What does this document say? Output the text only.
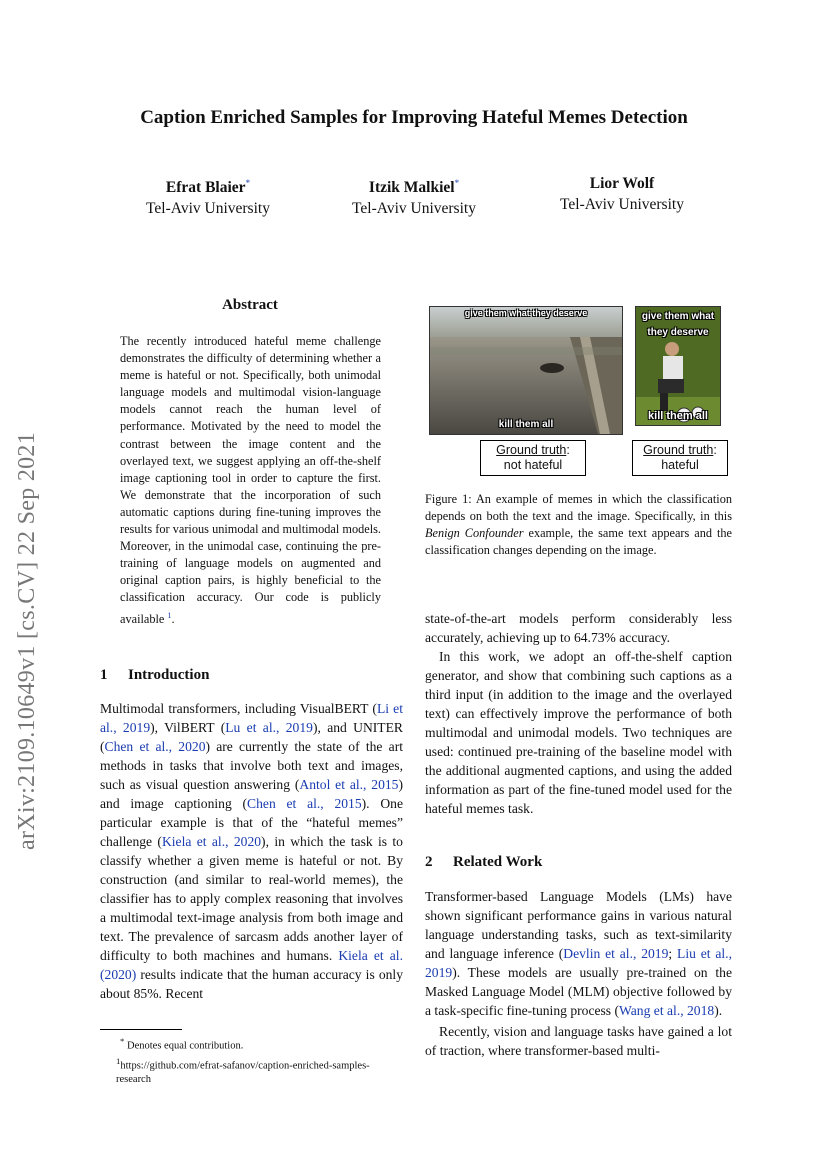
Caption Enriched Samples for Improving Hateful Memes Detection
Efrat Blaier*
Tel-Aviv University
Itzik Malkiel*
Tel-Aviv University
Lior Wolf
Tel-Aviv University
arXiv:2109.10649v1 [cs.CV] 22 Sep 2021
Abstract
The recently introduced hateful meme challenge demonstrates the difficulty of determining whether a meme is hateful or not. Specifically, both unimodal language models and multimodal vision-language models cannot reach the human level of performance. Motivated by the need to model the contrast between the image content and the overlayed text, we suggest applying an off-the-shelf image captioning tool in order to capture the first. We demonstrate that the incorporation of such automatic captions during fine-tuning improves the results for various unimodal and multimodal models. Moreover, in the unimodal case, continuing the pre-training of language models on augmented and original caption pairs, is highly beneficial to the classification accuracy. Our code is publicly available $^1$.
1 Introduction
Multimodal transformers, including VisualBERT (Li et al., 2019), VilBERT (Lu et al., 2019), and UNITER (Chen et al., 2020) are currently the state of the art methods in tasks that involve both text and images, such as visual question answering (Antol et al., 2015) and image captioning (Chen et al., 2015). One particular example is that of the “hateful memes” challenge (Kiela et al., 2020), in which the task is to classify whether a given meme is hateful or not. By construction (and similar to real-world memes), the classifier has to apply complex reasoning that involves a multimodal text-image analysis from both image and text. The prevalence of sarcasm adds another layer of difficulty to both machines and humans. Kiela et al. (2020) results indicate that the human accuracy is only about 85%. Recent
* Denotes equal contribution.
$^1$https://github.com/efrat-safanov/caption-enriched-samples-research
give them what they deserve
kill them all
give them what they deserve
kill them all
Ground truth:
not hateful
Ground truth:
hateful
Figure 1: An example of memes in which the classification depends on both the text and the image. Specifically, in this Benign Confounder example, the same text appears and the classification changes depending on the image.

state-of-the-art models perform considerably less accurately, achieving up to 64.73% accuracy.

In this work, we adopt an off-the-shelf caption generator, and show that combining such captions as a third input (in addition to the image and the overlayed text) can effectively improve the performance of both multimodal and unimodal models. Two techniques are used: continued pre-training of the baseline model with the additional augmented captions, and using the added information as part of the fine-tuned model used for the hateful memes task.

2 Related Work

Transformer-based Language Models (LMs) have shown significant performance gains in various natural language understanding tasks, such as text-similarity and language inference (Devlin et al., 2019; Liu et al., 2019). These models are usually pre-trained on the Masked Language Model (MLM) objective followed by a task-specific fine-tuning process (Wang et al., 2018).

Recently, vision and language tasks have gained a lot of traction, where transformer-based multi-
